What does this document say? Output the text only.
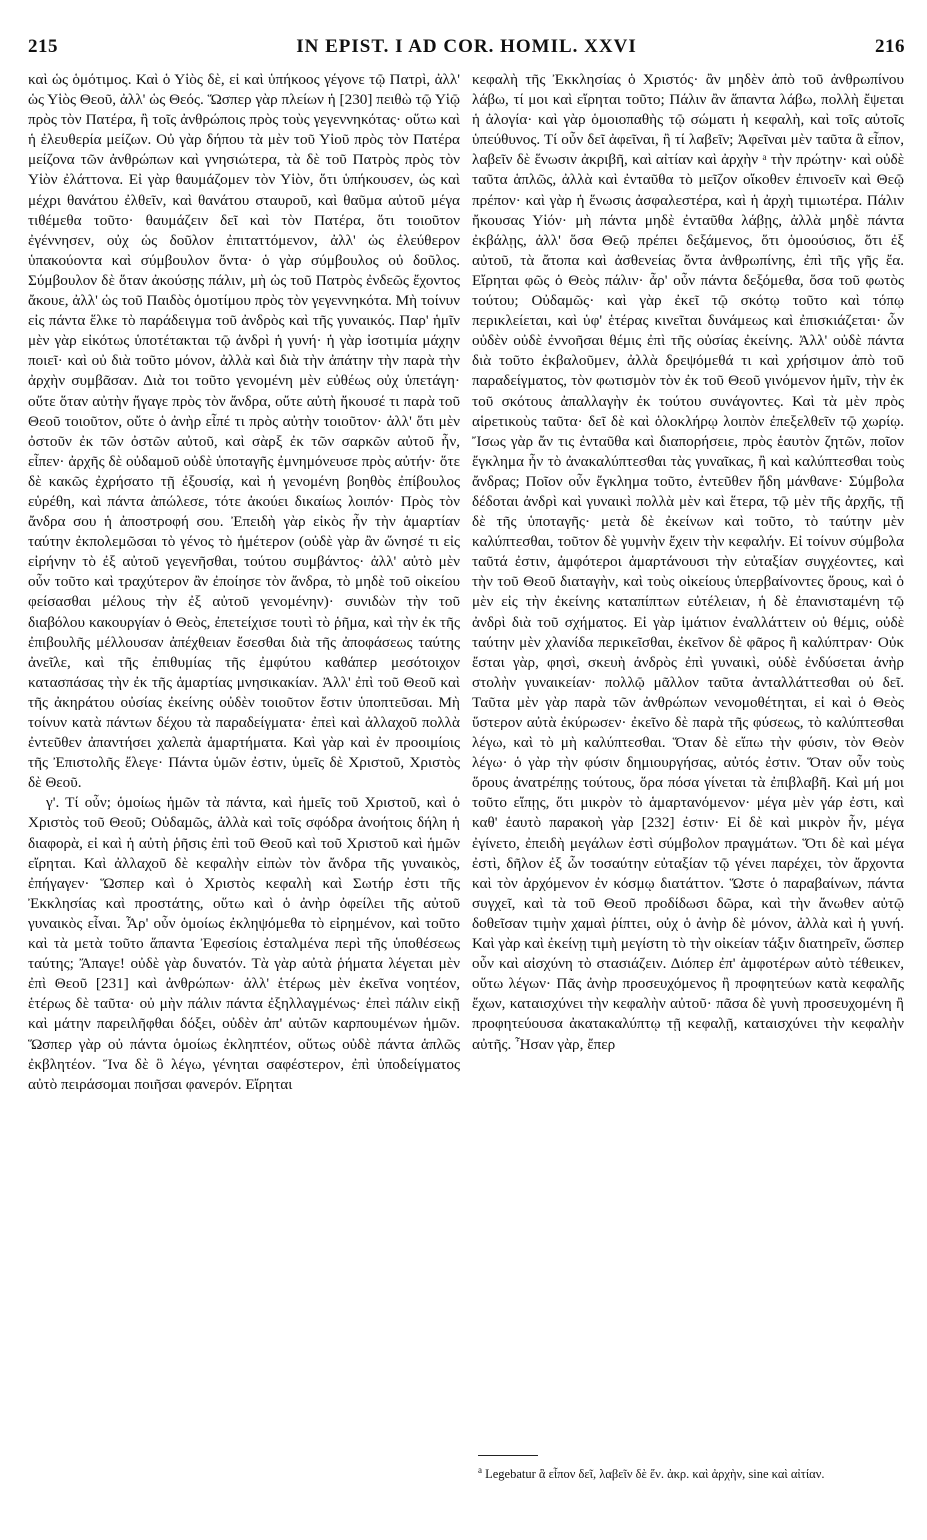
215	IN EPIST. I AD COR. HOMIL. XXVI	216

καὶ ὡς ὁμότιμος. Καὶ ὁ Υἱὸς δὲ, εἰ καὶ ὑπήκοος γέγονε τῷ Πατρὶ, ἀλλ' ὡς Υἱὸς Θεοῦ, ἀλλ' ὡς Θεός. Ὥσπερ γὰρ πλείων ἡ [230] πειθὼ τῷ Υἱῷ πρὸς τὸν Πατέρα, ἢ τοῖς ἀνθρώποις πρὸς τοὺς γεγεννηκότας· οὕτω καὶ ἡ ἐλευθερία μείζων. Οὐ γὰρ δήπου τὰ μὲν τοῦ Υἱοῦ πρὸς τὸν Πατέρα μείζονα τῶν ἀνθρώπων καὶ γνησιώτερα, τὰ δὲ τοῦ Πατρὸς πρὸς τὸν Υἱὸν ἐλάττονα. Εἰ γὰρ θαυμάζομεν τὸν Υἱὸν, ὅτι ὑπήκουσεν, ὡς καὶ μέχρι θανάτου ἐλθεῖν, καὶ θανάτου σταυροῦ, καὶ θαῦμα αὐτοῦ μέγα τιθέμεθα τοῦτο· θαυμάζειν δεῖ καὶ τὸν Πατέρα, ὅτι τοιοῦτον ἐγέννησεν, οὐχ ὡς δοῦλον ἐπιταττόμενον, ἀλλ' ὡς ἐλεύθερον ὑπακούοντα καὶ σύμβουλον ὄντα· ὁ γὰρ σύμβουλος οὐ δοῦλος. Σύμβουλον δὲ ὅταν ἀκούσῃς πάλιν, μὴ ὡς τοῦ Πατρὸς ἐνδεῶς ἔχοντος ἄκουε, ἀλλ' ὡς τοῦ Παιδὸς ὁμοτίμου πρὸς τὸν γεγεννηκότα. Μὴ τοίνυν εἰς πάντα ἕλκε τὸ παράδειγμα τοῦ ἀνδρὸς καὶ τῆς γυναικός. Παρ' ἡμῖν μὲν γὰρ εἰκότως ὑποτέτακται τῷ ἀνδρὶ ἡ γυνή· ἡ γὰρ ἰσοτιμία μάχην ποιεῖ· καὶ οὐ διὰ τοῦτο μόνον, ἀλλὰ καὶ διὰ τὴν ἀπάτην τὴν παρὰ τὴν ἀρχὴν συμβᾶσαν. Διὰ τοι τοῦτο γενομένη μὲν εὐθέως οὐχ ὑπετάγη· οὔτε ὅταν αὐτὴν ἤγαγε πρὸς τὸν ἄνδρα, οὔτε αὐτὴ ἤκουσέ τι παρὰ τοῦ Θεοῦ τοιοῦτον, οὔτε ὁ ἀνὴρ εἶπέ τι πρὸς αὐτὴν τοιοῦτον· ἀλλ' ὅτι μὲν ὀστοῦν ἐκ τῶν ὀστῶν αὐτοῦ, καὶ σὰρξ ἐκ τῶν σαρκῶν αὐτοῦ ἦν, εἶπεν· ἀρχῆς δὲ οὐδαμοῦ οὐδὲ ὑποταγῆς ἐμνημόνευσε πρὸς αὐτήν· ὅτε δὲ κακῶς ἐχρήσατο τῇ ἐξουσίᾳ, καὶ ἡ γενομένη βοηθὸς ἐπίβουλος εὑρέθη, καὶ πάντα ἀπώλεσε, τότε ἀκούει δικαίως λοιπόν· Πρὸς τὸν ἄνδρα σου ἡ ἀποστροφή σου. Ἐπειδὴ γὰρ εἰκὸς ἦν τὴν ἁμαρτίαν ταύτην ἐκπολεμῶσαι τὸ γένος τὸ ἡμέτερον (οὐδὲ γὰρ ἂν ὤνησέ τι εἰς εἰρήνην τὸ ἐξ αὐτοῦ γεγενῆσθαι, τούτου συμβάντος· ἀλλ' αὐτὸ μὲν οὖν τοῦτο καὶ τραχύτερον ἂν ἐποίησε τὸν ἄνδρα, τὸ μηδὲ τοῦ οἰκείου φείσασθαι μέλους τὴν ἐξ αὐτοῦ γενομένην)· συνιδὼν τὴν τοῦ διαβόλου κακουργίαν ὁ Θεὸς, ἐπετείχισε τουτὶ τὸ ῥῆμα, καὶ τὴν ἐκ τῆς ἐπιβουλῆς μέλλουσαν ἀπέχθειαν ἔσεσθαι διὰ τῆς ἀποφάσεως ταύτης ἀνεῖλε, καὶ τῆς ἐπιθυμίας τῆς ἐμφύτου καθάπερ μεσότοιχον κατασπάσας τὴν ἐκ τῆς ἁμαρτίας μνησικακίαν. Ἀλλ' ἐπὶ τοῦ Θεοῦ καὶ τῆς ἀκηράτου οὐσίας ἐκείνης οὐδὲν τοιοῦτον ἔστιν ὑποπτεῦσαι. Μὴ τοίνυν κατὰ πάντων δέχου τὰ παραδείγματα· ἐπεὶ καὶ ἀλλαχοῦ πολλὰ ἐντεῦθεν ἀπαντήσει χαλεπὰ ἁμαρτήματα. Καὶ γὰρ καὶ ἐν προοιμίοις τῆς Ἐπιστολῆς ἔλεγε· Πάντα ὑμῶν ἐστιν, ὑμεῖς δὲ Χριστοῦ, Χριστὸς δὲ Θεοῦ.

γ'. Τί οὖν; ὁμοίως ἡμῶν τὰ πάντα, καὶ ἡμεῖς τοῦ Χριστοῦ, καὶ ὁ Χριστὸς τοῦ Θεοῦ; Οὐδαμῶς, ἀλλὰ καὶ τοῖς σφόδρα ἀνοήτοις δήλη ἡ διαφορὰ, εἰ καὶ ἡ αὐτὴ ῥῆσις ἐπὶ τοῦ Θεοῦ καὶ τοῦ Χριστοῦ καὶ ἡμῶν εἴρηται. Καὶ ἀλλαχοῦ δὲ κεφαλὴν εἰπὼν τὸν ἄνδρα τῆς γυναικὸς, ἐπήγαγεν· Ὥσπερ καὶ ὁ Χριστὸς κεφαλὴ καὶ Σωτήρ ἐστι τῆς Ἐκκλησίας καὶ προστάτης, οὕτω καὶ ὁ ἀνὴρ ὀφείλει τῆς αὐτοῦ γυναικὸς εἶναι. Ἆρ' οὖν ὁμοίως ἐκληψόμεθα τὸ εἰρημένον, καὶ τοῦτο καὶ τὰ μετὰ τοῦτο ἅπαντα Ἐφεσίοις ἐσταλμένα περὶ τῆς ὑποθέσεως ταύτης; Ἄπαγε! οὐδὲ γὰρ δυνατόν. Τὰ γὰρ αὐτὰ ῥήματα λέγεται μὲν ἐπὶ Θεοῦ [231] καὶ ἀνθρώπων· ἀλλ' ἑτέρως μὲν ἐκεῖνα νοητέον, ἑτέρως δὲ ταῦτα· οὐ μὴν πάλιν πάντα ἐξηλλαγμένως· ἐπεὶ πάλιν εἰκῇ καὶ μάτην παρειλῆφθαι δόξει, οὐδὲν ἀπ' αὐτῶν καρπουμένων ἡμῶν. Ὥσπερ γὰρ οὐ πάντα ὁμοίως ἐκληπτέον, οὕτως οὐδὲ πάντα ἁπλῶς ἐκβλητέον. Ἵνα δὲ ὃ λέγω, γένηται σαφέστερον, ἐπὶ ὑποδείγματος αὐτὸ πειράσομαι ποιῆσαι φανερόν. Εἴρηται

κεφαλὴ τῆς Ἐκκλησίας ὁ Χριστός· ἂν μηδὲν ἀπὸ τοῦ ἀνθρωπίνου λάβω, τί μοι καὶ εἴρηται τοῦτο; Πάλιν ἂν ἅπαντα λάβω, πολλὴ ἔψεται ἡ ἀλογία· καὶ γὰρ ὁμοιοπαθὴς τῷ σώματι ἡ κεφαλὴ, καὶ τοῖς αὐτοῖς ὑπεύθυνος. Τί οὖν δεῖ ἀφεῖναι, ἢ τί λαβεῖν; Ἀφεῖναι μὲν ταῦτα ἃ εἶπον, λαβεῖν δὲ ἕνωσιν ἀκριβῆ, καὶ αἰτίαν καὶ ἀρχὴν ᵃ τὴν πρώτην· καὶ οὐδὲ ταῦτα ἁπλῶς, ἀλλὰ καὶ ἐνταῦθα τὸ μεῖζον οἴκοθεν ἐπινοεῖν καὶ Θεῷ πρέπον· καὶ γὰρ ἡ ἕνωσις ἀσφαλεστέρα, καὶ ἡ ἀρχὴ τιμιωτέρα. Πάλιν ἤκουσας Υἱόν· μὴ πάντα μηδὲ ἐνταῦθα λάβῃς, ἀλλὰ μηδὲ πάντα ἐκβάλῃς, ἀλλ' ὅσα Θεῷ πρέπει δεξάμενος, ὅτι ὁμοούσιος, ὅτι ἐξ αὐτοῦ, τὰ ἄτοπα καὶ ἀσθενείας ὄντα ἀνθρωπίνης, ἐπὶ τῆς γῆς ἔα. Εἴρηται φῶς ὁ Θεὸς πάλιν· ἆρ' οὖν πάντα δεξόμεθα, ὅσα τοῦ φωτὸς τούτου; Οὐδαμῶς· καὶ γὰρ ἐκεῖ τῷ σκότῳ τοῦτο καὶ τόπῳ περικλείεται, καὶ ὑφ' ἑτέρας κινεῖται δυνάμεως καὶ ἐπισκιάζεται· ὧν οὐδὲν οὐδὲ ἐννοῆσαι θέμις ἐπὶ τῆς οὐσίας ἐκείνης. Ἀλλ' οὐδὲ πάντα διὰ τοῦτο ἐκβαλοῦμεν, ἀλλὰ δρεψόμεθά τι καὶ χρήσιμον ἀπὸ τοῦ παραδείγματος, τὸν φωτισμὸν τὸν ἐκ τοῦ Θεοῦ γινόμενον ἡμῖν, τὴν ἐκ τοῦ σκότους ἀπαλλαγὴν ἐκ τούτου συνάγοντες. Καὶ τὰ μὲν πρὸς αἱρετικοὺς ταῦτα· δεῖ δὲ καὶ ὁλοκλήρῳ λοιπὸν ἐπεξελθεῖν τῷ χωρίῳ. Ἴσως γὰρ ἄν τις ἐνταῦθα καὶ διαπορήσειε, πρὸς ἑαυτὸν ζητῶν, ποῖον ἔγκλημα ἦν τὸ ἀνακαλύπτεσθαι τὰς γυναῖκας, ἢ καὶ καλύπτεσθαι τοὺς ἄνδρας; Ποῖον οὖν ἔγκλημα τοῦτο, ἐντεῦθεν ἤδη μάνθανε· Σύμβολα δέδοται ἀνδρὶ καὶ γυναικὶ πολλὰ μὲν καὶ ἕτερα, τῷ μὲν τῆς ἀρχῆς, τῇ δὲ τῆς ὑποταγῆς· μετὰ δὲ ἐκείνων καὶ τοῦτο, τὸ ταύτην μὲν καλύπτεσθαι, τοῦτον δὲ γυμνὴν ἔχειν τὴν κεφαλήν. Εἰ τοίνυν σύμβολα ταῦτά ἐστιν, ἀμφότεροι ἁμαρτάνουσι τὴν εὐταξίαν συγχέοντες, καὶ τὴν τοῦ Θεοῦ διαταγὴν, καὶ τοὺς οἰκείους ὑπερβαίνοντες ὅρους, καὶ ὁ μὲν εἰς τὴν ἐκείνης καταπίπτων εὐτέλειαν, ἡ δὲ ἐπανισταμένη τῷ ἀνδρὶ διὰ τοῦ σχήματος. Εἰ γὰρ ἱμάτιον ἐναλλάττειν οὐ θέμις, οὐδὲ ταύτην μὲν χλανίδα περικεῖσθαι, ἐκεῖνον δὲ φᾶρος ἢ καλύπτραν· Οὐκ ἔσται γὰρ, φησὶ, σκευὴ ἀνδρὸς ἐπὶ γυναικὶ, οὐδὲ ἐνδύσεται ἀνὴρ στολὴν γυναικείαν· πολλῷ μᾶλλον ταῦτα ἀνταλλάττεσθαι οὐ δεῖ. Ταῦτα μὲν γὰρ παρὰ τῶν ἀνθρώπων νενομοθέτηται, εἰ καὶ ὁ Θεὸς ὕστερον αὐτὰ ἐκύρωσεν· ἐκεῖνο δὲ παρὰ τῆς φύσεως, τὸ καλύπτεσθαι λέγω, καὶ τὸ μὴ καλύπτεσθαι. Ὅταν δὲ εἴπω τὴν φύσιν, τὸν Θεὸν λέγω· ὁ γὰρ τὴν φύσιν δημιουργήσας, αὐτός ἐστιν. Ὅταν οὖν τοὺς ὅρους ἀνατρέπῃς τούτους, ὅρα πόσα γίνεται τὰ ἐπιβλαβῆ. Καὶ μή μοι τοῦτο εἴπῃς, ὅτι μικρὸν τὸ ἁμαρτανόμενον· μέγα μὲν γάρ ἐστι, καὶ καθ' ἑαυτὸ παρακοὴ γὰρ [232] ἐστιν· Εἰ δὲ καὶ μικρὸν ἦν, μέγα ἐγίνετο, ἐπειδὴ μεγάλων ἐστὶ σύμβολον πραγμάτων. Ὅτι δὲ καὶ μέγα ἐστὶ, δῆλον ἐξ ὧν τοσαύτην εὐταξίαν τῷ γένει παρέχει, τὸν ἄρχοντα καὶ τὸν ἀρχόμενον ἐν κόσμῳ διατάττον. Ὥστε ὁ παραβαίνων, πάντα συγχεῖ, καὶ τὰ τοῦ Θεοῦ προδίδωσι δῶρα, καὶ τὴν ἄνωθεν αὐτῷ δοθεῖσαν τιμὴν χαμαὶ ῥίπτει, οὐχ ὁ ἀνὴρ δὲ μόνον, ἀλλὰ καὶ ἡ γυνή. Καὶ γὰρ καὶ ἐκείνῃ τιμὴ μεγίστη τὸ τὴν οἰκείαν τάξιν διατηρεῖν, ὥσπερ οὖν καὶ αἰσχύνη τὸ στασιάζειν. Διόπερ ἐπ' ἀμφοτέρων αὐτὸ τέθεικεν, οὕτω λέγων· Πᾶς ἀνὴρ προσευχόμενος ἢ προφητεύων κατὰ κεφαλῆς ἔχων, καταισχύνει τὴν κεφαλὴν αὐτοῦ· πᾶσα δὲ γυνὴ προσευχομένη ἢ προφητεύουσα ἀκατακαλύπτῳ τῇ κεφαλῇ, καταισχύνει τὴν κεφαλὴν αὐτῆς. Ἦσαν γὰρ, ἔπερ

$^a$ Legebatur ἃ εἶπον δεῖ, λαβεῖν δὲ ἕν. ἀκρ. καὶ ἀρχὴν, sine καὶ αἰτίαν.
